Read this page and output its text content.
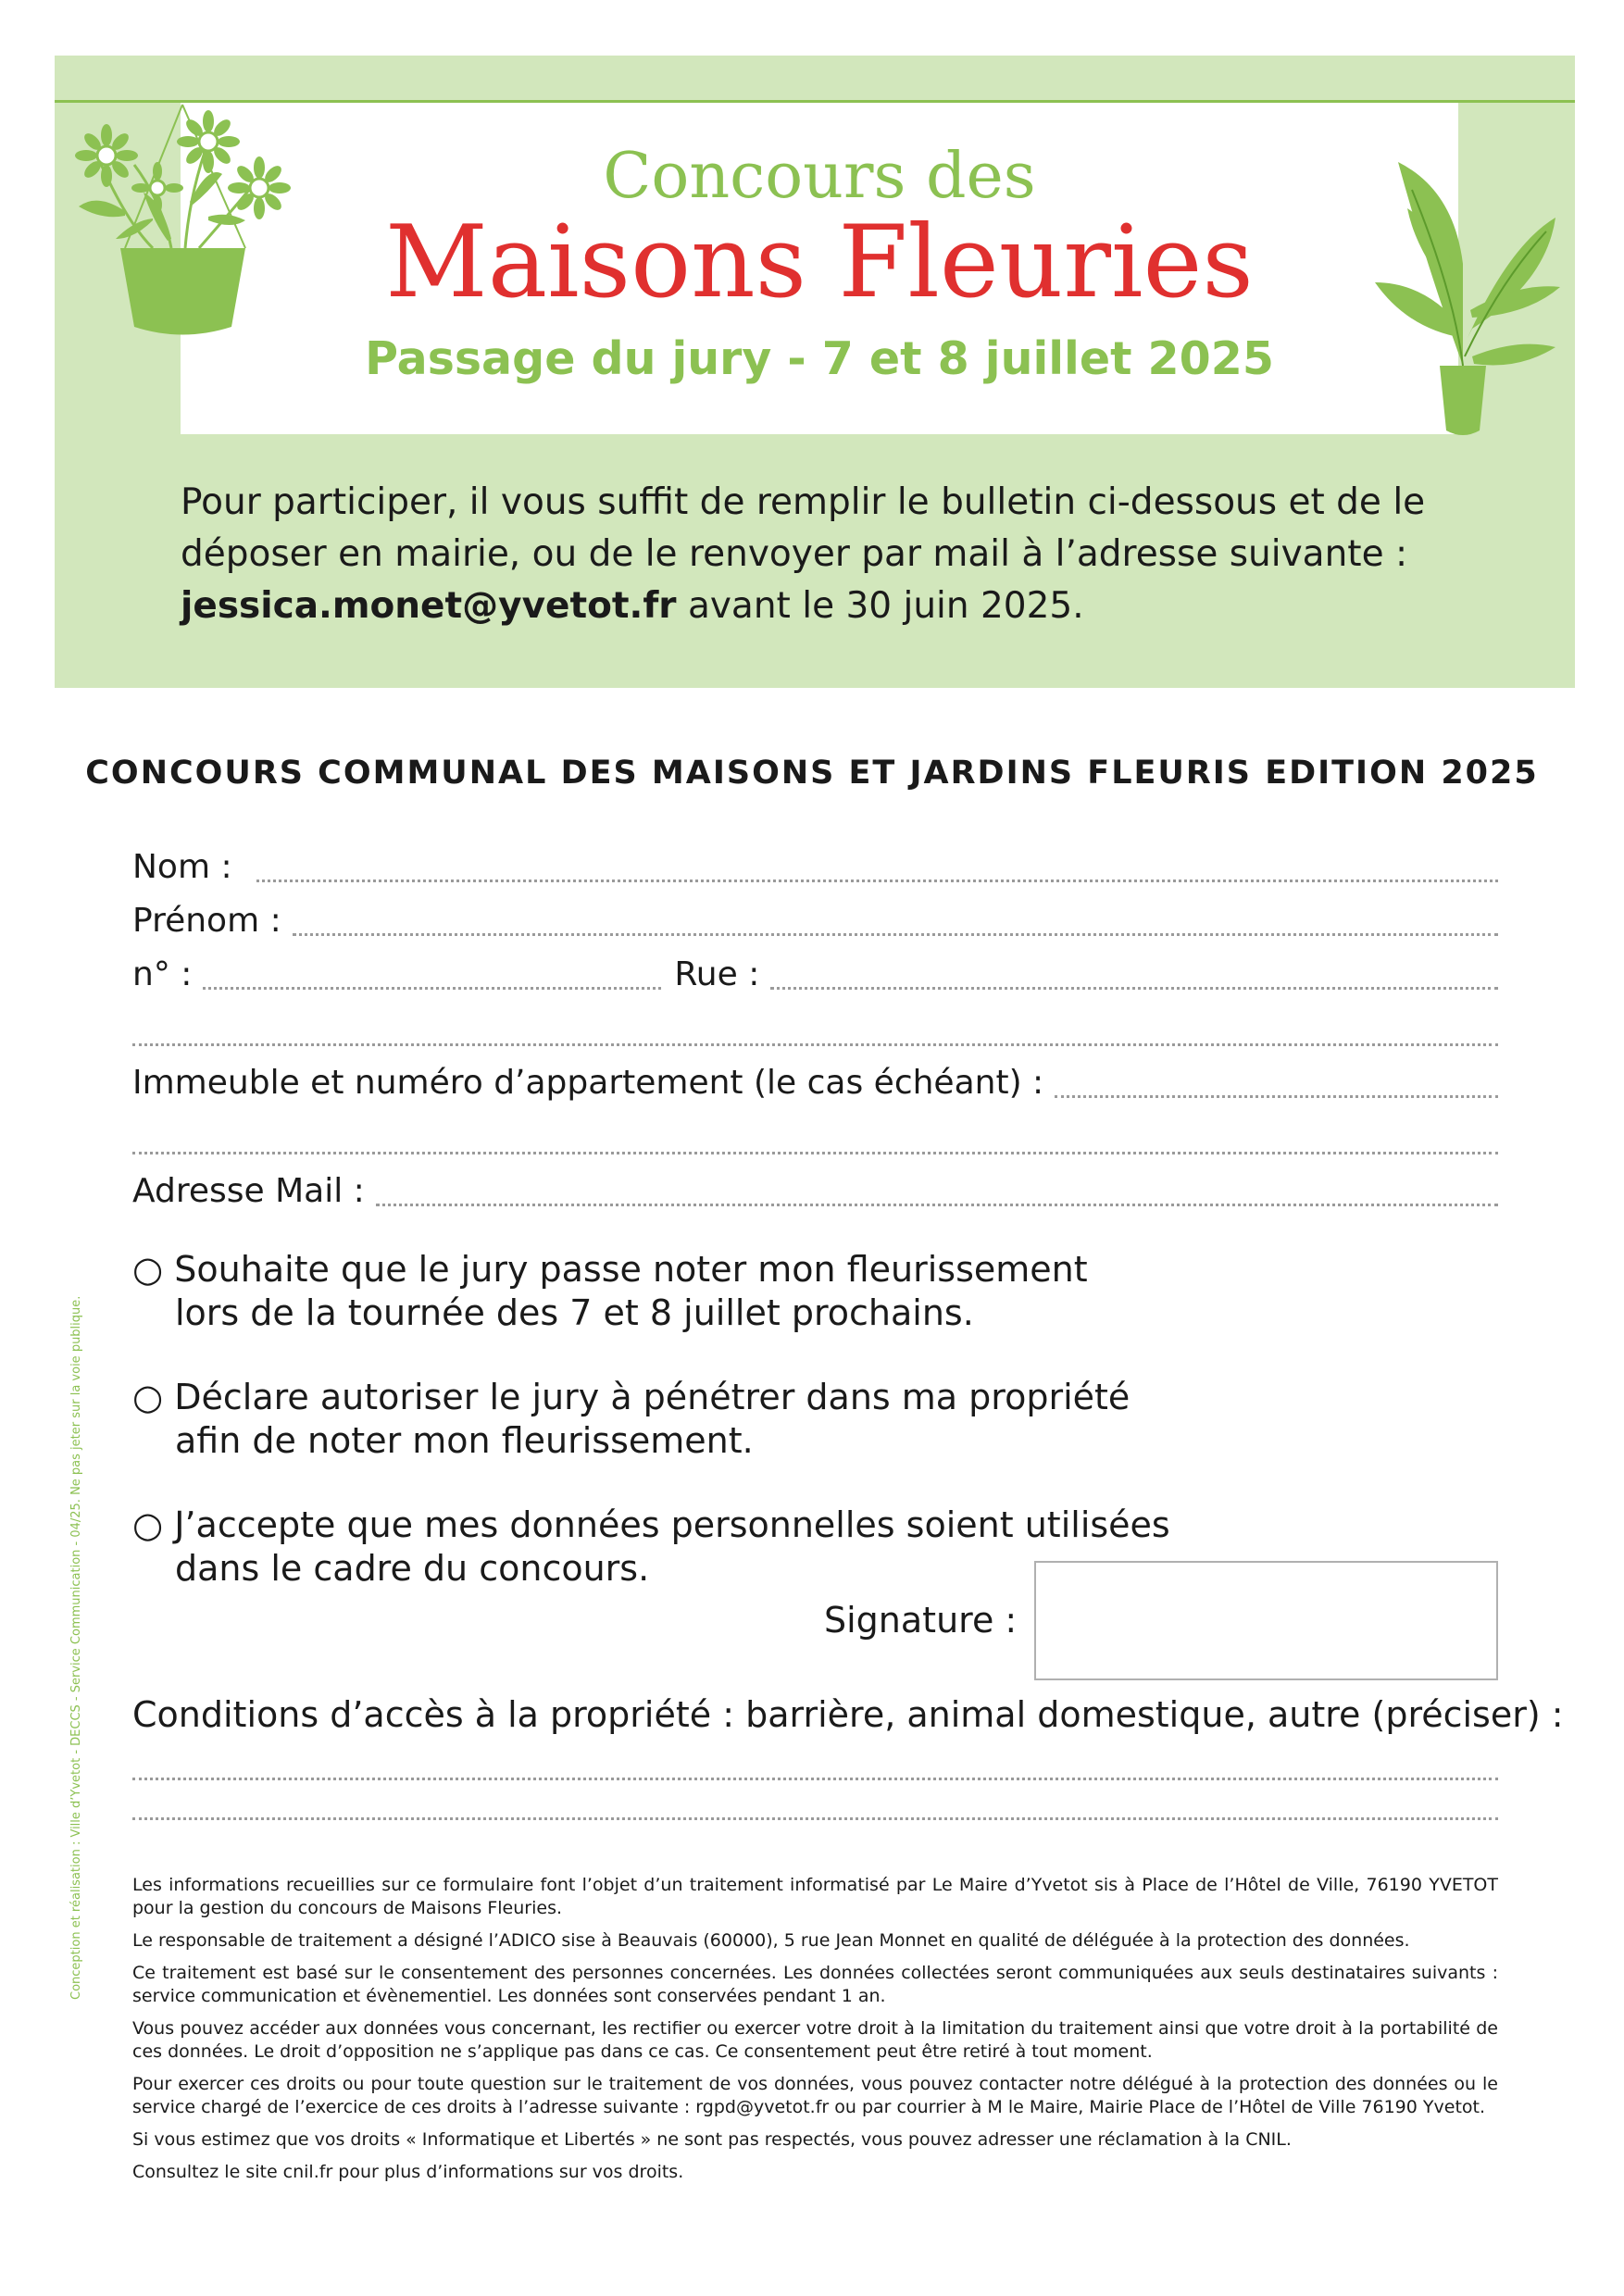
Concours des
Maisons Fleuries
Passage du jury - 7 et 8 juillet 2025
Pour participer, il vous suffit de remplir le bulletin ci-dessous et de le déposer en mairie, ou de le renvoyer par mail à l’adresse suivante : jessica.monet@yvetot.fr avant le 30 juin 2025.
CONCOURS COMMUNAL DES MAISONS ET JARDINS FLEURIS EDITION 2025
Nom :
Prénom :
n° :	Rue :
Immeuble et numéro d’appartement (le cas échéant) :
Adresse Mail :
○ Souhaite que le jury passe noter mon fleurissement
lors de la tournée des 7 et 8 juillet prochains.
○ Déclare autoriser le jury à pénétrer dans ma propriété
afin de noter mon fleurissement.
○ J’accepte que mes données personnelles soient utilisées
dans le cadre du concours.
Signature :
Conditions d’accès à la propriété : barrière, animal domestique, autre (préciser) :

Les informations recueillies sur ce formulaire font l’objet d’un traitement informatisé par Le Maire d’Yvetot sis à Place de l’Hôtel de Ville, 76190 YVETOT pour la gestion du concours de Maisons Fleuries.

Le responsable de traitement a désigné l’ADICO sise à Beauvais (60000), 5 rue Jean Monnet en qualité de déléguée à la protection des données.

Ce traitement est basé sur le consentement des personnes concernées. Les données collectées seront communiquées aux seuls destinataires suivants : service communication et évènementiel. Les données sont conservées pendant 1 an.

Vous pouvez accéder aux données vous concernant, les rectifier ou exercer votre droit à la limitation du traitement ainsi que votre droit à la portabilité de ces données. Le droit d’opposition ne s’applique pas dans ce cas. Ce consentement peut être retiré à tout moment.

Pour exercer ces droits ou pour toute question sur le traitement de vos données, vous pouvez contacter notre délégué à la protection des données ou le service chargé de l’exercice de ces droits à l’adresse suivante : rgpd@yvetot.fr ou par courrier à M le Maire, Mairie Place de l’Hôtel de Ville 76190 Yvetot.

Si vous estimez que vos droits « Informatique et Libertés » ne sont pas respectés, vous pouvez adresser une réclamation à la CNIL.

Consultez le site cnil.fr pour plus d’informations sur vos droits.

Conception et réalisation : Ville d’Yvetot - DECCS - Service Communication - 04/25. Ne pas jeter sur la voie publique.
